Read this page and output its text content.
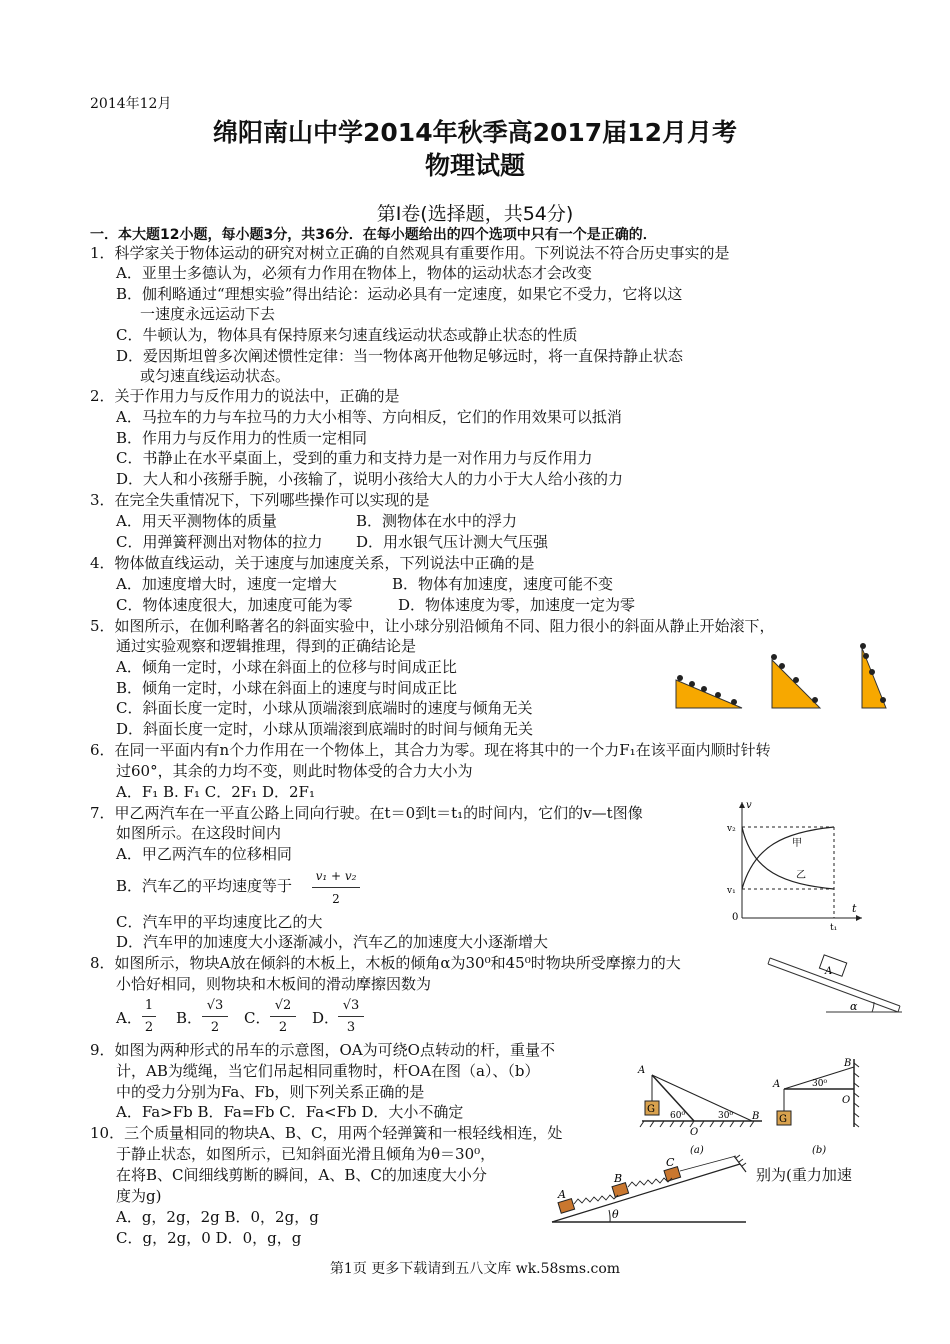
2014年12月
绵阳南山中学2014年秋季高2017届12月月考
物理试题
第Ⅰ卷(选择题，共54分)
一．本大题12小题，每小题3分，共36分．在每小题给出的四个选项中只有一个是正确的．
1．科学家关于物体运动的研究对树立正确的自然观具有重要作用。下列说法不符合历史事实的是
A．亚里士多德认为，必须有力作用在物体上，物体的运动状态才会改变
B．伽利略通过“理想实验”得出结论：运动必具有一定速度，如果它不受力，它将以这
一速度永远运动下去
C．牛顿认为，物体具有保持原来匀速直线运动状态或静止状态的性质
D．爱因斯坦曾多次阐述惯性定律：当一物体离开他物足够远时，将一直保持静止状态
或匀速直线运动状态。
2．关于作用力与反作用力的说法中，正确的是
A．马拉车的力与车拉马的力大小相等、方向相反，它们的作用效果可以抵消
B．作用力与反作用力的性质一定相同
C．书静止在水平桌面上，受到的重力和支持力是一对作用力与反作用力
D．大人和小孩掰手腕，小孩输了，说明小孩给大人的力小于大人给小孩的力
3．在完全失重情况下，下列哪些操作可以实现的是
A．用天平测物体的质量	B．测物体在水中的浮力
C．用弹簧秤测出对物体的拉力 D．用水银气压计测大气压强
4．物体做直线运动，关于速度与加速度关系，下列说法中正确的是
A．加速度增大时，速度一定增大	B．物体有加速度，速度可能不变
C．物体速度很大，加速度可能为零	D．物体速度为零，加速度一定为零
5．如图所示，在伽利略著名的斜面实验中，让小球分别沿倾角不同、阻力很小的斜面从静止开始滚下，
通过实验观察和逻辑推理，得到的正确结论是
A．倾角一定时，小球在斜面上的位移与时间成正比
B．倾角一定时，小球在斜面上的速度与时间成正比
C．斜面长度一定时，小球从顶端滚到底端时的速度与倾角无关
D．斜面长度一定时，小球从顶端滚到底端时的时间与倾角无关
6．在同一平面内有n个力作用在一个物体上，其合力为零。现在将其中的一个力F₁在该平面内顺时针转
过60°，其余的力均不变，则此时物体受的合力大小为
A．F₁ B. F₁ C．2F₁ D．2F₁
7．甲乙两汽车在一平直公路上同向行驶。在t＝0到t＝t₁的时间内，它们的v—t图像
如图所示。在这段时间内
A．甲乙两汽车的位移相同
B．汽车乙的平均速度等于
v₁ + v₂
2
C．汽车甲的平均速度比乙的大
D．汽车甲的加速度大小逐渐减小，汽车乙的加速度大小逐渐增大
v
t
0
v₂
v₁
t₁
甲
乙
8．如图所示，物块A放在倾斜的木板上，木板的倾角α为30⁰和45⁰时物块所受摩擦力的大
小恰好相同，则物块和木板间的滑动摩擦因数为
A．
1
2
B．
√3
2
C．
√2
2
D．
√3
3
A
α
9．如图为两种形式的吊车的示意图，OA为可绕O点转动的杆，重量不
计，AB为缆绳，当它们吊起相同重物时，杆OA在图（a）、（b）
中的受力分别为Fa、Fb，则下列关系正确的是
A．Fa>Fb B．Fa=Fb C．Fa<Fb D．大小不确定	G
A
O
B
60⁰	30⁰
(a)
G
A
B
O
30⁰
(b)
10．三个质量相同的物块A、B、C，用两个轻弹簧和一根轻线相连，处
于静止状态，如图所示，已知斜面光滑且倾角为θ＝30⁰，
在将B、C间细线剪断的瞬间，A、B、C的加速度大小分	别为(重力加速
度为g)
A．g，2g，2g B．0，2g，g
C．g，2g，0 D．0，g，g
θ
A
B
C
第1页 更多下载请到五八文库 wk.58sms.com
